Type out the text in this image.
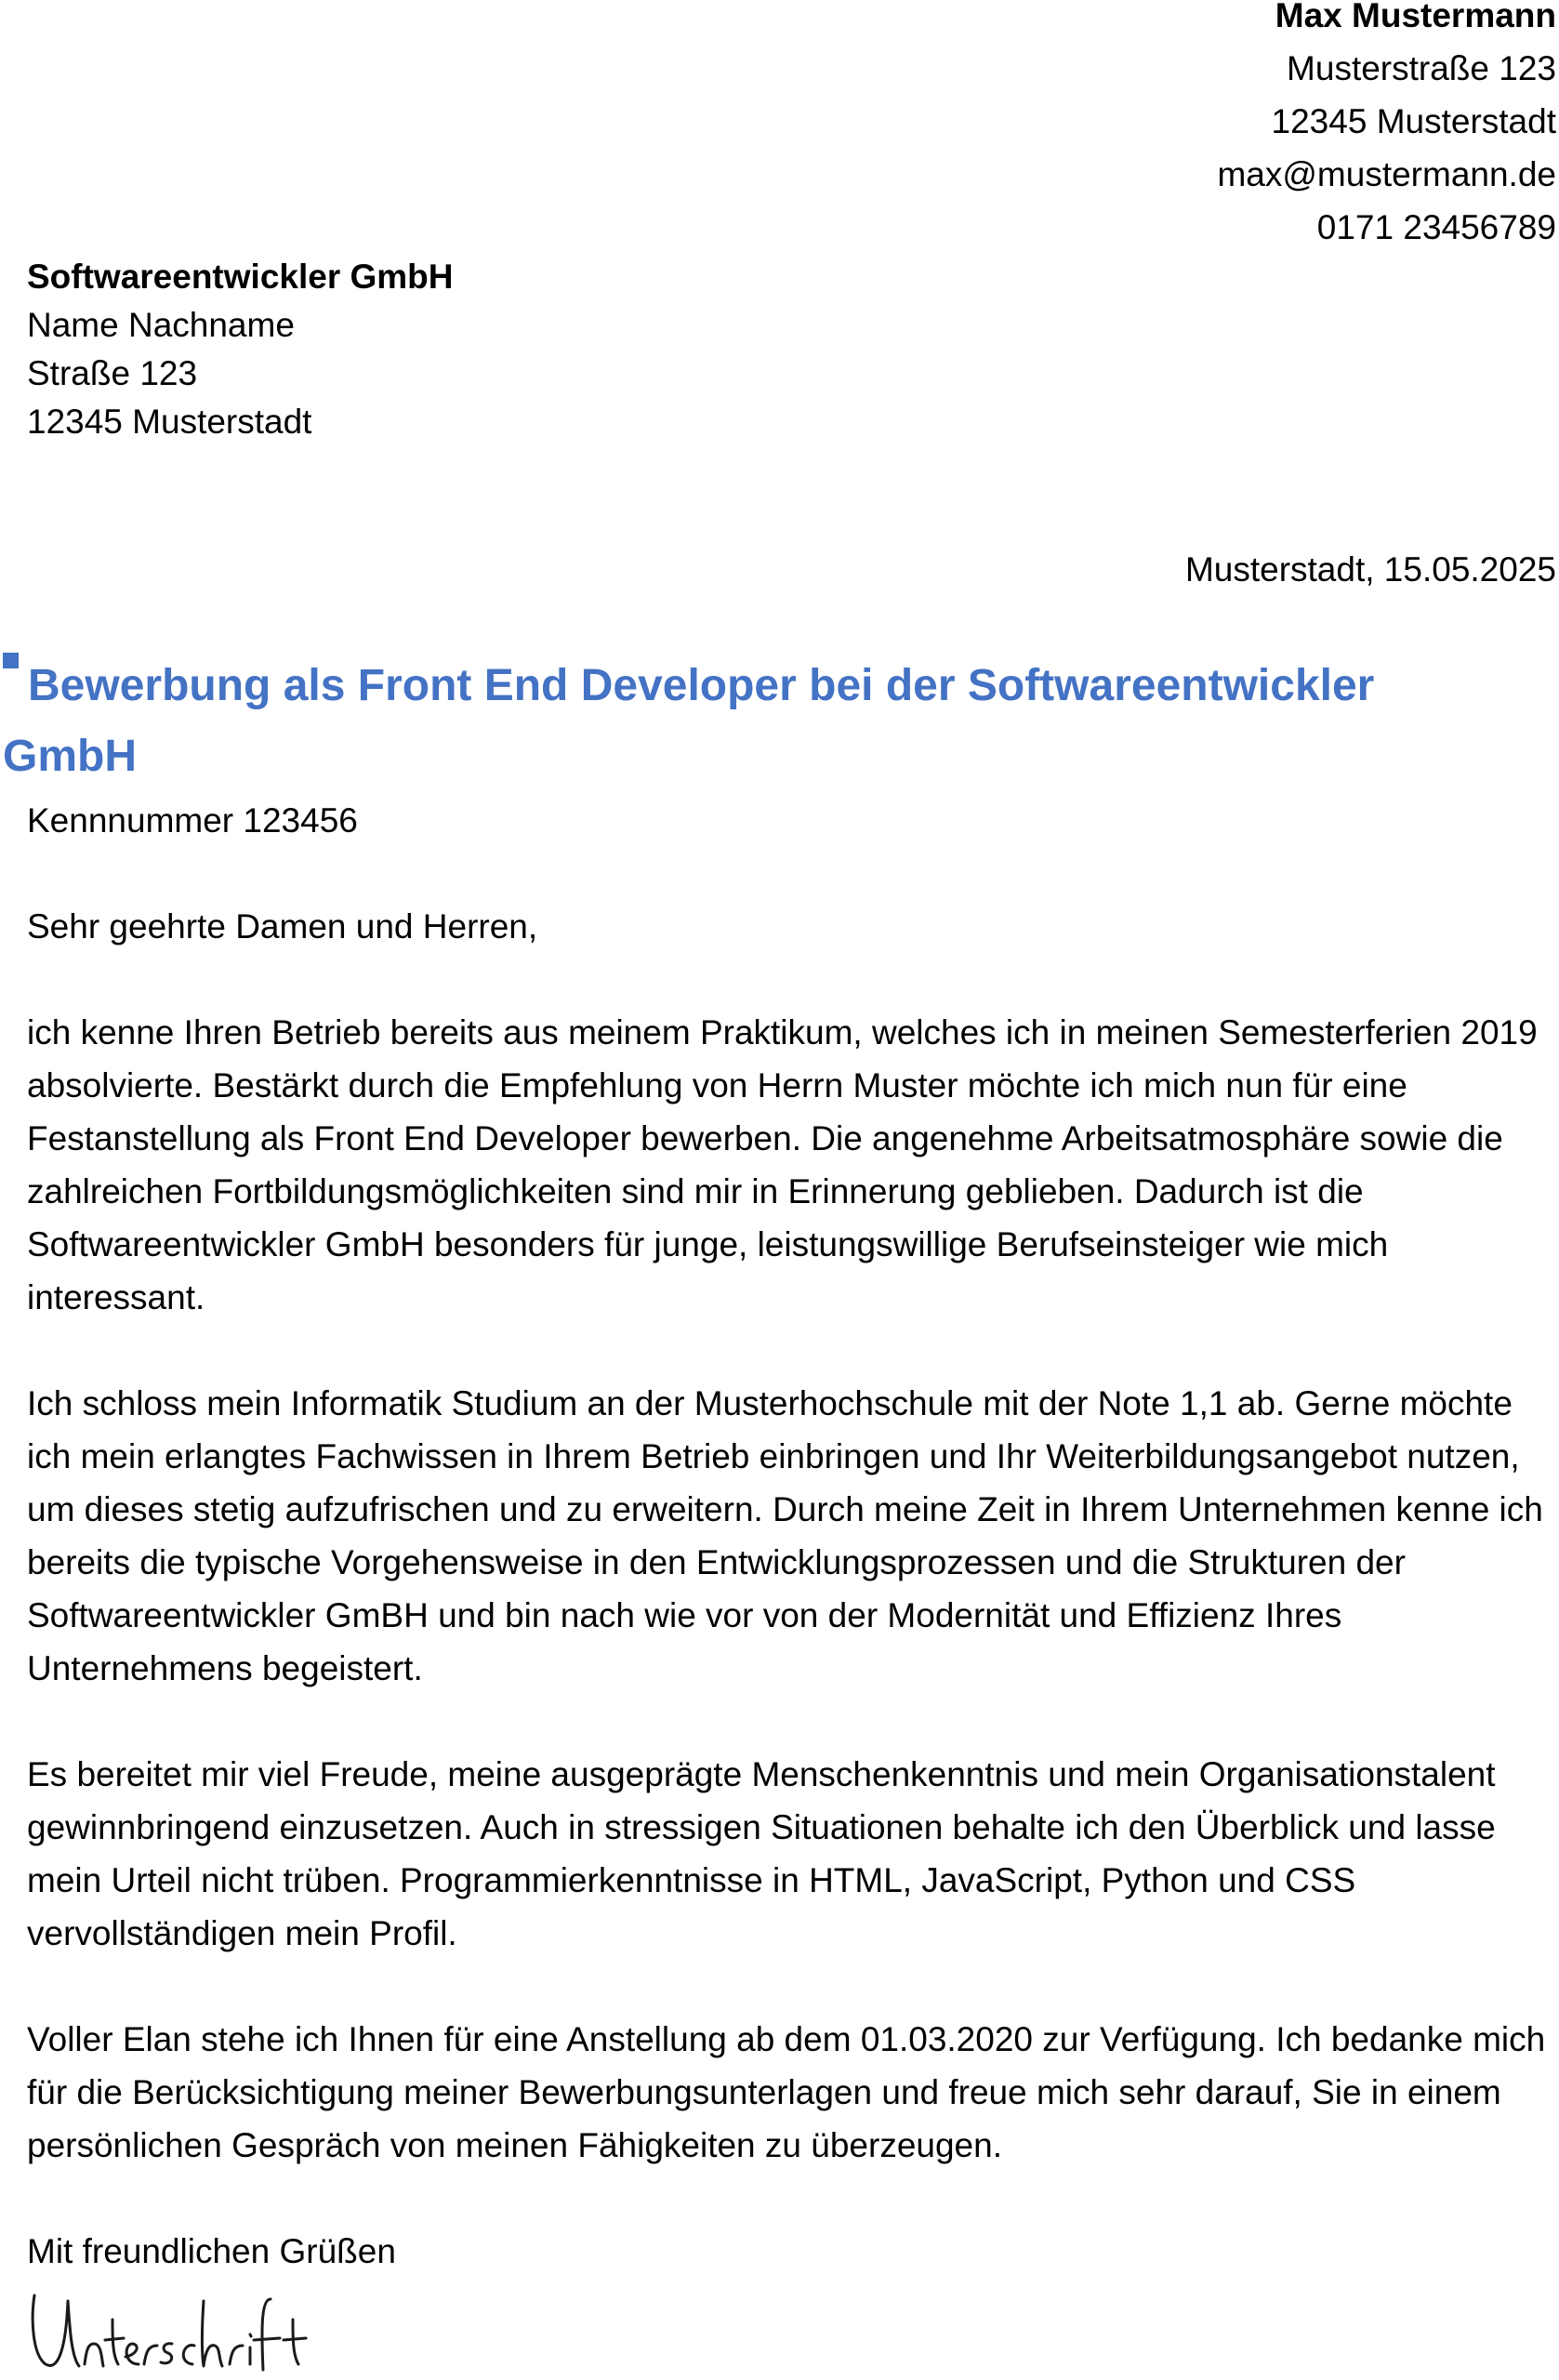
Max Mustermann
Musterstraße 123
12345 Musterstadt
max@mustermann.de
0171 23456789
Softwareentwickler GmbH
Name Nachname
Straße 123
12345 Musterstadt
Musterstadt, 15.05.2025
Bewerbung als Front End Developer bei der Softwareentwickler GmbH
Kennnummer 123456

Sehr geehrte Damen und Herren,

ich kenne Ihren Betrieb bereits aus meinem Praktikum, welches ich in meinen Semesterferien 2019 absolvierte. Bestärkt durch die Empfehlung von Herrn Muster möchte ich mich nun für eine Festanstellung als Front End Developer bewerben. Die angenehme Arbeitsatmosphäre sowie die zahlreichen Fortbildungsmöglichkeiten sind mir in Erinnerung geblieben. Dadurch ist die Softwareentwickler GmbH besonders für junge, leistungswillige Berufseinsteiger wie mich interessant.

Ich schloss mein Informatik Studium an der Musterhochschule mit der Note 1,1 ab. Gerne möchte ich mein erlangtes Fachwissen in Ihrem Betrieb einbringen und Ihr Weiterbildungsangebot nutzen, um dieses stetig aufzufrischen und zu erweitern. Durch meine Zeit in Ihrem Unternehmen kenne ich bereits die typische Vorgehensweise in den Entwicklungsprozessen und die Strukturen der Softwareentwickler GmBH und bin nach wie vor von der Modernität und Effizienz Ihres Unternehmens begeistert.

Es bereitet mir viel Freude, meine ausgeprägte Menschenkenntnis und mein Organisationstalent gewinnbringend einzusetzen. Auch in stressigen Situationen behalte ich den Überblick und lasse mein Urteil nicht trüben. Programmierkenntnisse in HTML, JavaScript, Python und CSS vervollständigen mein Profil.

Voller Elan stehe ich Ihnen für eine Anstellung ab dem 01.03.2020 zur Verfügung. Ich bedanke mich für die Berücksichtigung meiner Bewerbungsunterlagen und freue mich sehr darauf, Sie in einem persönlichen Gespräch von meinen Fähigkeiten zu überzeugen.

Mit freundlichen Grüßen
